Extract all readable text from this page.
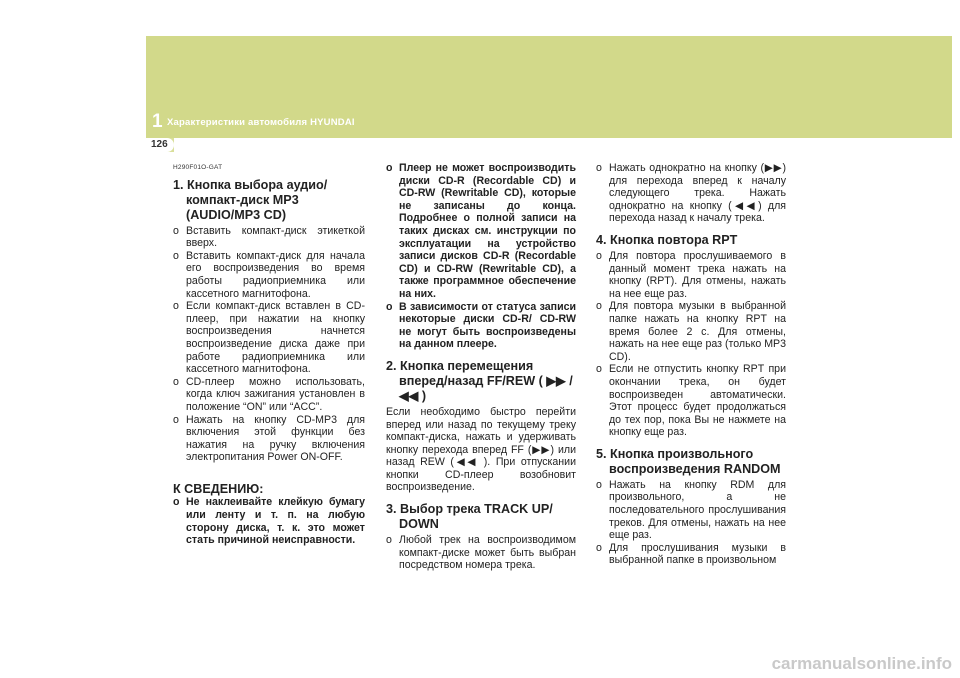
1 Характеристики автомобиля HYUNDAI
126
H290F01O-GAT
1. Кнопка выбора аудио/компакт-диск MP3 (AUDIO/MP3 CD)
o Вставить компакт-диск этикеткой вверх.
o Вставить компакт-диск для начала его воспроизведения во время работы радиоприемника или кассетного магнитофона.
o Если компакт-диск вставлен в CD-плеер, при нажатии на кнопку воспроизведения начнется воспроизведение диска даже при работе радиоприемника или кассетного магнитофона.
o CD-плеер можно использовать, когда ключ зажигания установлен в положение “ON” или “ACC”.
o Нажать на кнопку CD-MP3 для включения этой функции без нажатия на ручку включения электропитания Power ON-OFF.
К СВЕДЕНИЮ:
o Не наклеивайте клейкую бумагу или ленту и т. п. на любую сторону диска, т. к. это может стать причиной неисправности.
o Плеер не может воспроизводить диски CD-R (Recordable CD) и CD-RW (Rewritable CD), которые не записаны до конца. Подробнее о полной записи на таких дисках см. инструкции по эксплуатации на устройство записи дисков CD-R (Recordable CD) и CD-RW (Rewritable CD), а также программное обеспечение на них.
o В зависимости от статуса записи некоторые диски CD-R/ CD-RW не могут быть воспроизведены на данном плеере.
2. Кнопка перемещения вперед/назад FF/REW ( ▶▶ / ◀◀ )
Если необходимо быстро перейти вперед или назад по текущему треку компакт-диска, нажать и удерживать кнопку перехода вперед FF (▶▶) или назад REW (◀◀ ). При отпускании кнопки CD-плеер возобновит воспроизведение.
3. Выбор трека TRACK UP/ DOWN
o Любой трек на воспроизводимом компакт-диске может быть выбран посредством номера трека.
o Нажать однократно на кнопку (▶▶) для перехода вперед к началу следующего трека. Нажать однократно на кнопку (◀◀) для перехода назад к началу трека.
4. Кнопка повтора RPT
o Для повтора прослушиваемого в данный момент трека нажать на кнопку (RPT). Для отмены, нажать на нее еще раз.
o Для повтора музыки в выбранной папке нажать на кнопку RPT на время более 2 с. Для отмены, нажать на нее еще раз (только MP3 CD).
o Если не отпустить кнопку RPT при окончании трека, он будет воспроизведен автоматически. Этот процесс будет продолжаться до тех пор, пока Вы не нажмете на кнопку еще раз.
5. Кнопка произвольного воспроизведения RANDOM
o Нажать на кнопку RDM для произвольного, а не последовательного прослушивания треков. Для отмены, нажать на нее еще раз.
o Для прослушивания музыки в выбранной папке в произвольном
carmanualsonline.info
